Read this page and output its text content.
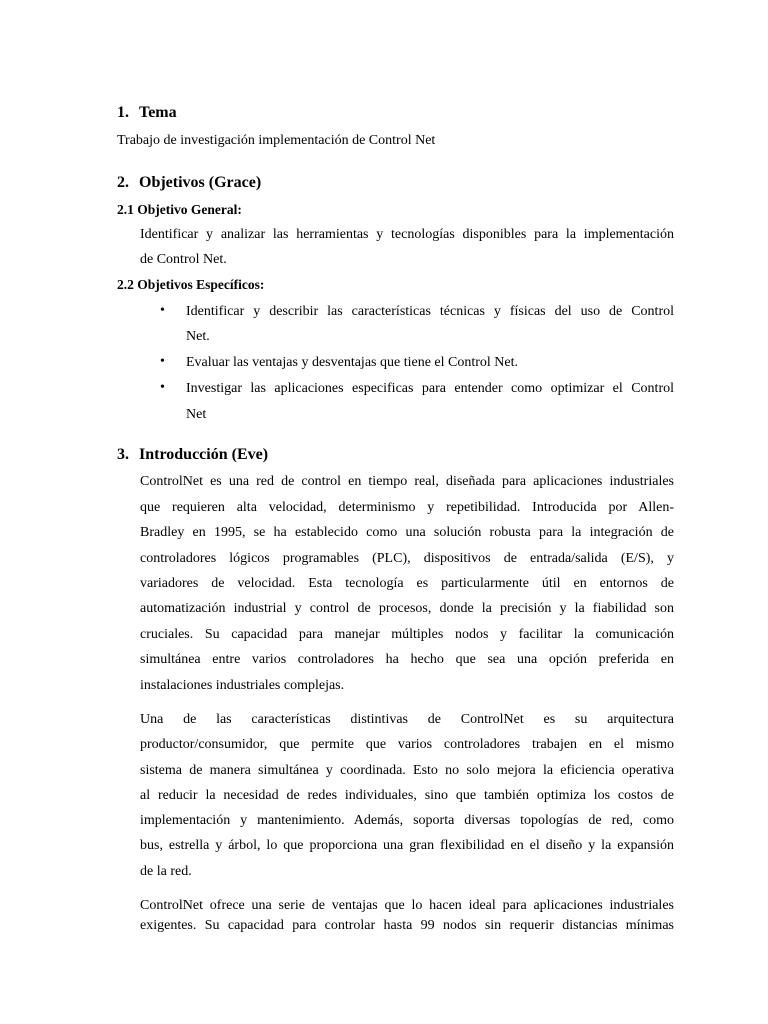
1. Tema
Trabajo de investigación implementación de Control Net
2. Objetivos (Grace)
2.1 Objetivo General:
Identificar y analizar las herramientas y tecnologías disponibles para la implementación
de Control Net.
2.2 Objetivos Específicos:
• Identificar y describir las características técnicas y físicas del uso de Control
Net.
• Evaluar las ventajas y desventajas que tiene el Control Net.
• Investigar las aplicaciones especificas para entender como optimizar el Control
Net
3. Introducción (Eve)
ControlNet es una red de control en tiempo real, diseñada para aplicaciones industriales
que requieren alta velocidad, determinismo y repetibilidad. Introducida por Allen-
Bradley en 1995, se ha establecido como una solución robusta para la integración de
controladores lógicos programables (PLC), dispositivos de entrada/salida (E/S), y
variadores de velocidad. Esta tecnología es particularmente útil en entornos de
automatización industrial y control de procesos, donde la precisión y la fiabilidad son
cruciales. Su capacidad para manejar múltiples nodos y facilitar la comunicación
simultánea entre varios controladores ha hecho que sea una opción preferida en
instalaciones industriales complejas.
Una de las características distintivas de ControlNet es su arquitectura
productor/consumidor, que permite que varios controladores trabajen en el mismo
sistema de manera simultánea y coordinada. Esto no solo mejora la eficiencia operativa
al reducir la necesidad de redes individuales, sino que también optimiza los costos de
implementación y mantenimiento. Además, soporta diversas topologías de red, como
bus, estrella y árbol, lo que proporciona una gran flexibilidad en el diseño y la expansión
de la red.
ControlNet ofrece una serie de ventajas que lo hacen ideal para aplicaciones industriales
exigentes. Su capacidad para controlar hasta 99 nodos sin requerir distancias mínimas
